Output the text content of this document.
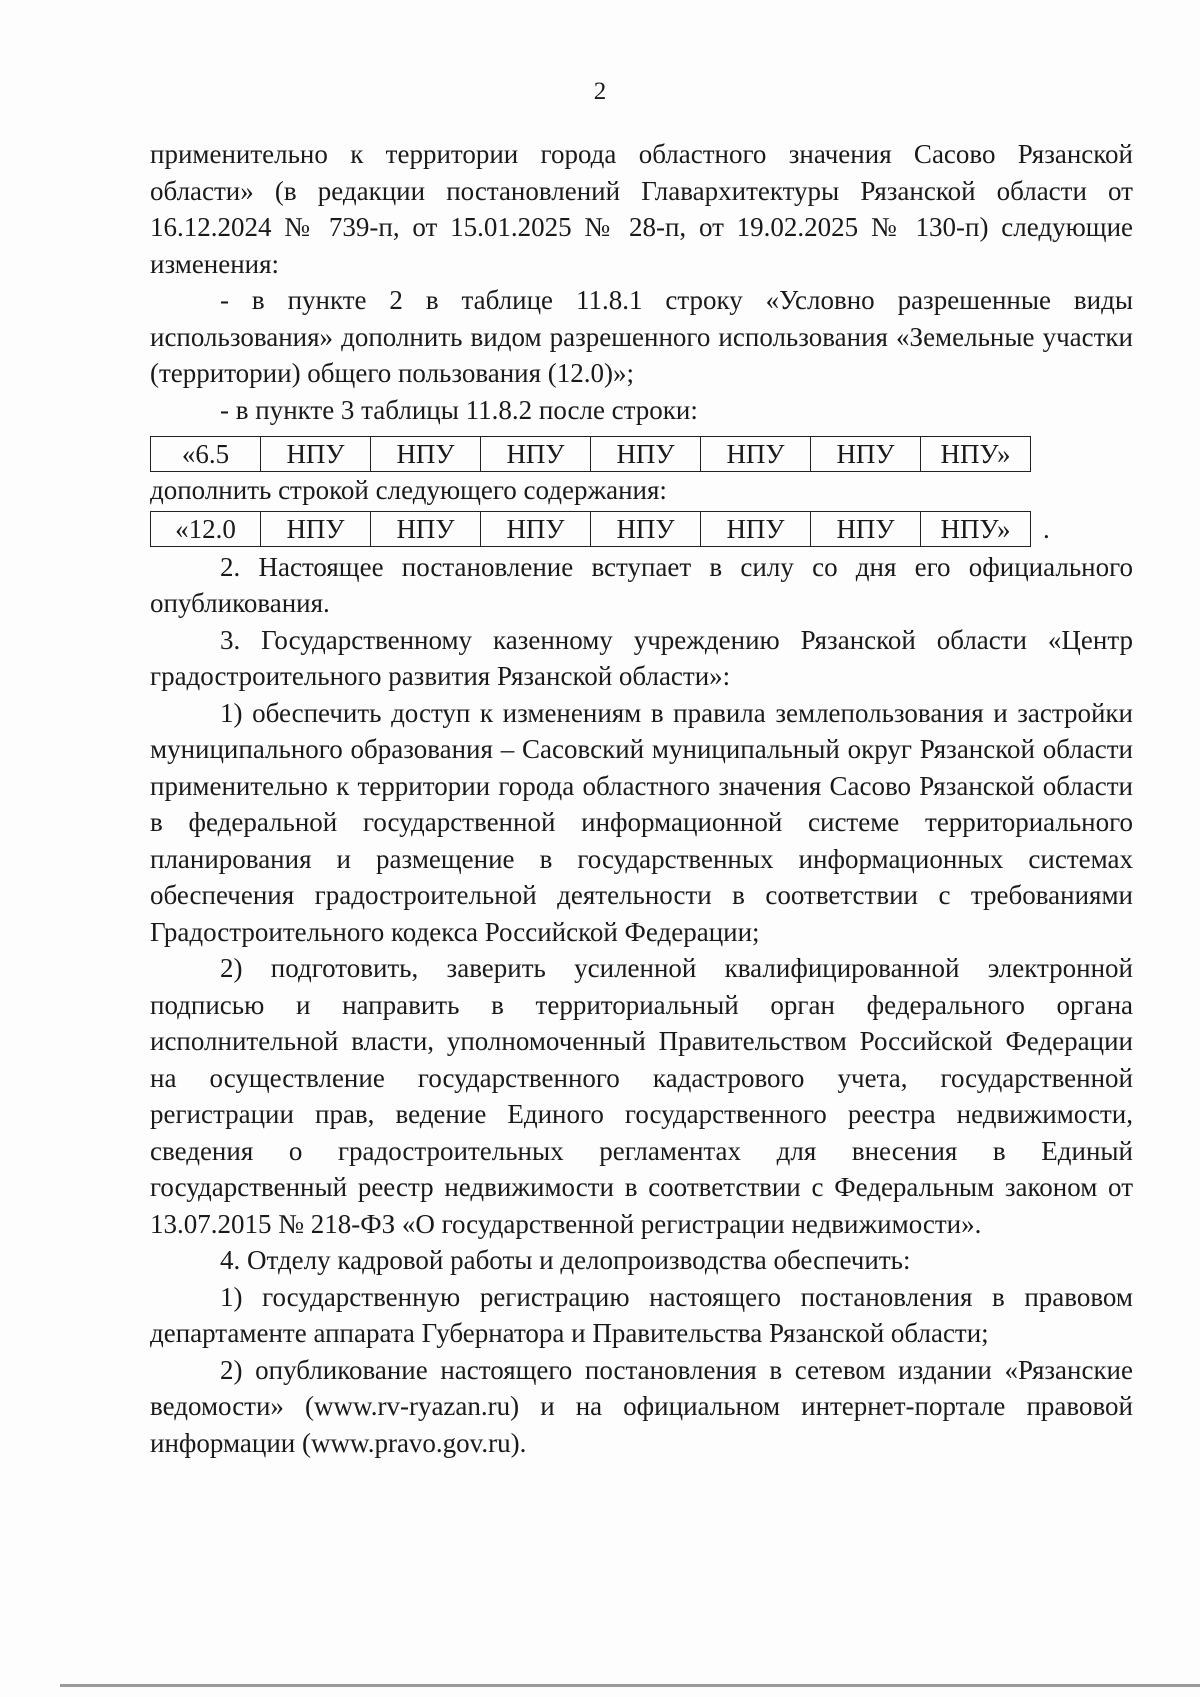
2

применительно к территории города областного значения Сасово Рязанской области» (в редакции постановлений Главархитектуры Рязанской области от 16.12.2024 № 739-п, от 15.01.2025 № 28-п, от 19.02.2025 № 130-п) следующие изменения:

- в пункте 2 в таблице 11.8.1 строку «Условно разрешенные виды использования» дополнить видом разрешенного использования «Земельные участки (территории) общего пользования (12.0)»;

- в пункте 3 таблицы 11.8.2 после строки:

«6.5	НПУ	НПУ	НПУ	НПУ	НПУ	НПУ	НПУ»

дополнить строкой следующего содержания:

«12.0	НПУ	НПУ	НПУ	НПУ	НПУ	НПУ	НПУ»	.

2. Настоящее постановление вступает в силу со дня его официального опубликования.

3. Государственному казенному учреждению Рязанской области «Центр градостроительного развития Рязанской области»:

1) обеспечить доступ к изменениям в правила землепользования и застройки муниципального образования – Сасовский муниципальный округ Рязанской области применительно к территории города областного значения Сасово Рязанской области в федеральной государственной информационной системе территориального планирования и размещение в государственных информационных системах обеспечения градостроительной деятельности в соответствии с требованиями Градостроительного кодекса Российской Федерации;

2) подготовить, заверить усиленной квалифицированной электронной подписью и направить в территориальный орган федерального органа исполнительной власти, уполномоченный Правительством Российской Федерации на осуществление государственного кадастрового учета, государственной регистрации прав, ведение Единого государственного реестра недвижимости, сведения о градостроительных регламентах для внесения в Единый государственный реестр недвижимости в соответствии с Федеральным законом от 13.07.2015 № 218-ФЗ «О государственной регистрации недвижимости».

4. Отделу кадровой работы и делопроизводства обеспечить:

1) государственную регистрацию настоящего постановления в правовом департаменте аппарата Губернатора и Правительства Рязанской области;

2) опубликование настоящего постановления в сетевом издании «Рязанские ведомости» (www.rv-ryazan.ru) и на официальном интернет-портале правовой информации (www.pravo.gov.ru).
